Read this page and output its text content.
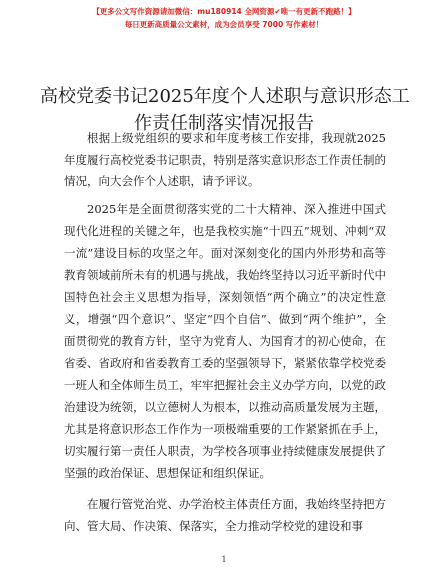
【更多公文写作资源请加微信：mu180914 全网资源✔唯一有更新不跑路！】
每日更新高质量公文素材，成为会员享受 7000 写作素材！
高校党委书记2025年度个人述职与意识形态工
作责任制落实情况报告

根据上级党组织的要求和年度考核工作安排，我现就2025年度履行高校党委书记职责，特别是落实意识形态工作责任制的情况，向大会作个人述职，请予评议。

2025年是全面贯彻落实党的二十大精神、深入推进中国式现代化进程的关键之年，也是我校实施“十四五”规划、冲刺“双一流”建设目标的攻坚之年。面对深刻变化的国内外形势和高等教育领域前所未有的机遇与挑战，我始终坚持以习近平新时代中国特色社会主义思想为指导，深刻领悟“两个确立”的决定性意义，增强“四个意识”、坚定“四个自信”、做到“两个维护”，全面贯彻党的教育方针，坚守为党育人、为国育才的初心使命，在省委、省政府和省委教育工委的坚强领导下，紧紧依靠学校党委一班人和全体师生员工，牢牢把握社会主义办学方向，以党的政治建设为统领，以立德树人为根本，以推动高质量发展为主题，尤其是将意识形态工作作为一项极端重要的工作紧紧抓在手上，切实履行第一责任人职责，为学校各项事业持续健康发展提供了坚强的政治保证、思想保证和组织保证。

在履行管党治党、办学治校主体责任方面，我始终坚持把方向、管大局、作决策、保落实，全力推动学校党的建设和事

1
